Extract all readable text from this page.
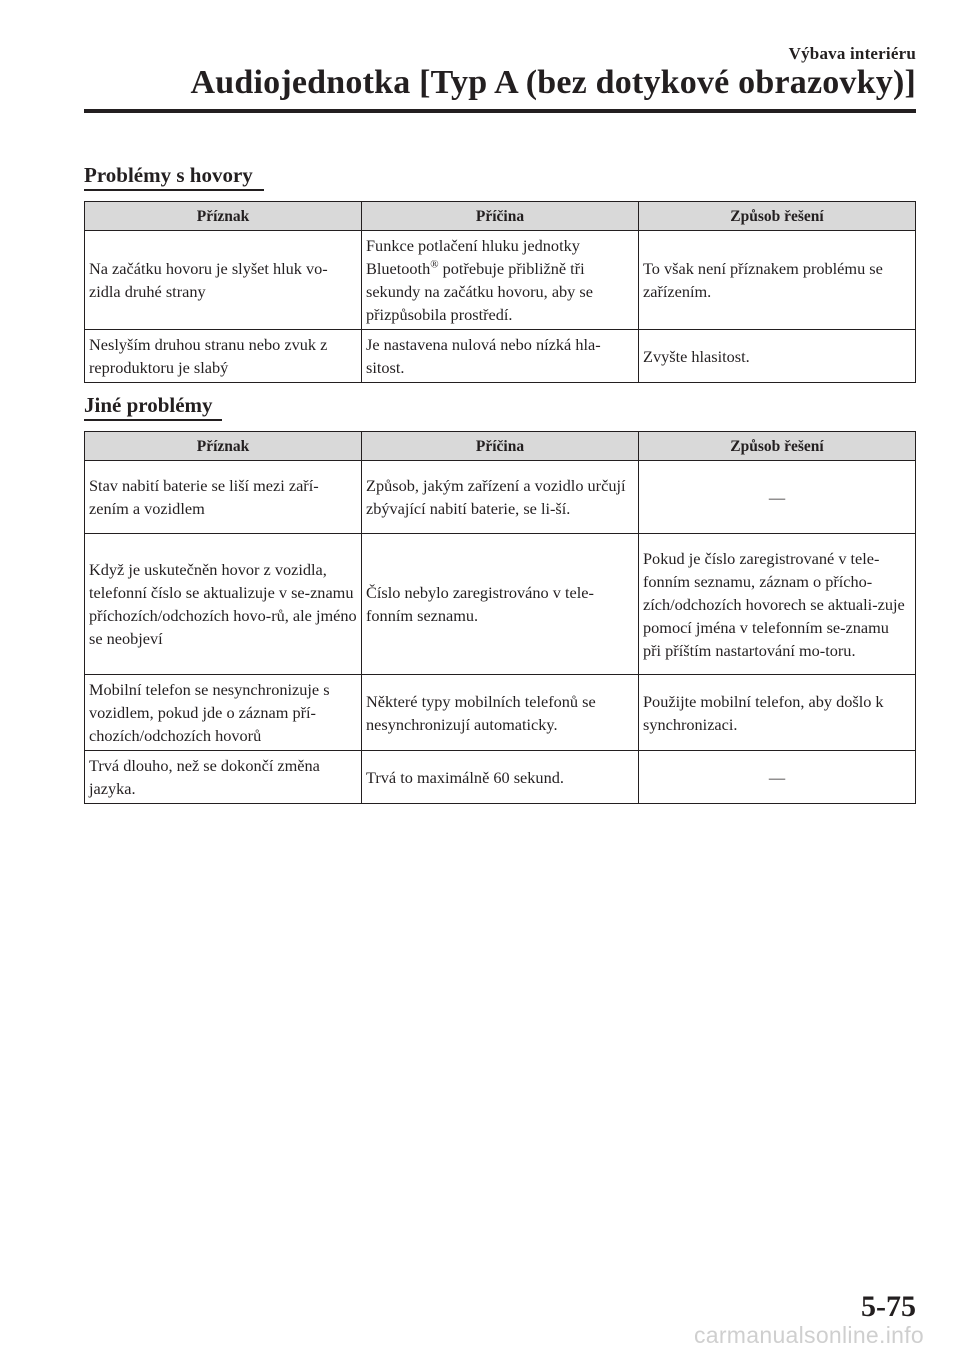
Výbava interiéru
Audiojednotka [Typ A (bez dotykové obrazovky)]
Problémy s hovory
Příznak	Příčina	Způsob řešení
Na začátku hovoru je slyšet hluk vo-zidla druhé strany	Funkce potlačení hluku jednotky Bluetooth® potřebuje přibližně tři sekundy na začátku hovoru, aby se přizpůsobila prostředí.	To však není příznakem problému se zařízením.
Neslyším druhou stranu nebo zvuk z reproduktoru je slabý	Je nastavena nulová nebo nízká hla-sitost.	Zvyšte hlasitost.
Jiné problémy
Příznak	Příčina	Způsob řešení
Stav nabití baterie se liší mezi zaří-zením a vozidlem	Způsob, jakým zařízení a vozidlo určují zbývající nabití baterie, se li-ší.	—
Když je uskutečněn hovor z vozidla, telefonní číslo se aktualizuje v se-znamu příchozích/odchozích hovo-rů, ale jméno se neobjeví	Číslo nebylo zaregistrováno v tele-fonním seznamu.	Pokud je číslo zaregistrované v tele-fonním seznamu, záznam o přícho-zích/odchozích hovorech se aktuali-zuje pomocí jména v telefonním se-znamu při příštím nastartování mo-toru.
Mobilní telefon se nesynchronizuje s vozidlem, pokud jde o záznam pří-chozích/odchozích hovorů	Některé typy mobilních telefonů se nesynchronizují automaticky.	Použijte mobilní telefon, aby došlo k synchronizaci.
Trvá dlouho, než se dokončí změna jazyka.	Trvá to maximálně 60 sekund.	—
5-75
carmanualsonline.info
